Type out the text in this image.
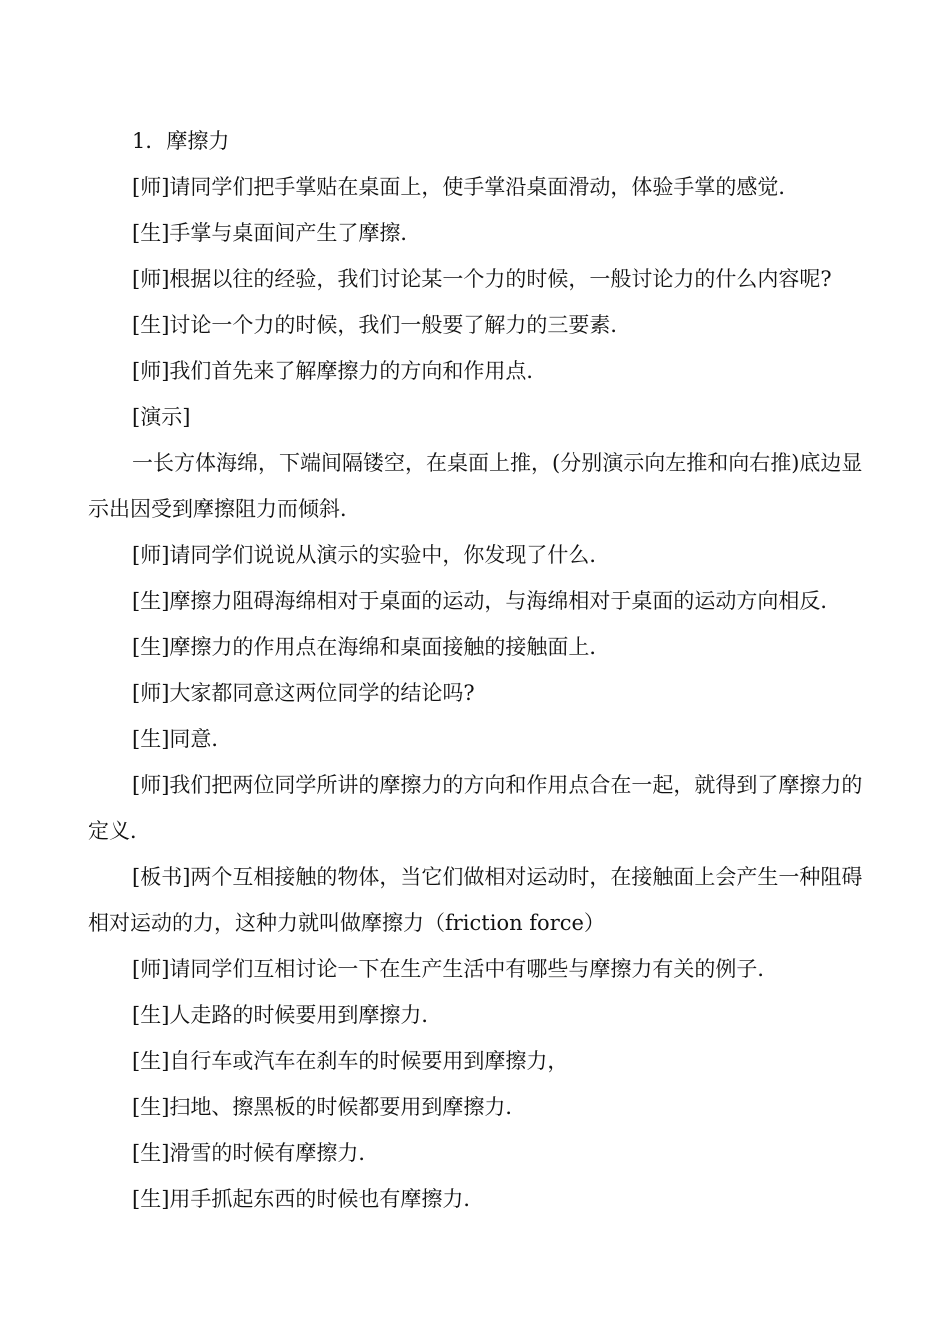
1．摩擦力

[师]请同学们把手掌贴在桌面上，使手掌沿桌面滑动，体验手掌的感觉．

[生]手掌与桌面间产生了摩擦．

[师]根据以往的经验，我们讨论某一个力的时候，一般讨论力的什么内容呢?

[生]讨论一个力的时候，我们一般要了解力的三要素．

[师]我们首先来了解摩擦力的方向和作用点．

[演示]

一长方体海绵，下端间隔镂空，在桌面上推，(分别演示向左推和向右推)底边显示出因受到摩擦阻力而倾斜．

[师]请同学们说说从演示的实验中，你发现了什么．

[生]摩擦力阻碍海绵相对于桌面的运动，与海绵相对于桌面的运动方向相反．

[生]摩擦力的作用点在海绵和桌面接触的接触面上．

[师]大家都同意这两位同学的结论吗?

[生]同意．

[师]我们把两位同学所讲的摩擦力的方向和作用点合在一起，就得到了摩擦力的定义．

[板书]两个互相接触的物体，当它们做相对运动时，在接触面上会产生一种阻碍相对运动的力，这种力就叫做摩擦力（friction force）

[师]请同学们互相讨论一下在生产生活中有哪些与摩擦力有关的例子．

[生]人走路的时候要用到摩擦力．

[生]自行车或汽车在刹车的时候要用到摩擦力，

[生]扫地、擦黑板的时候都要用到摩擦力．

[生]滑雪的时候有摩擦力．

[生]用手抓起东西的时候也有摩擦力．
